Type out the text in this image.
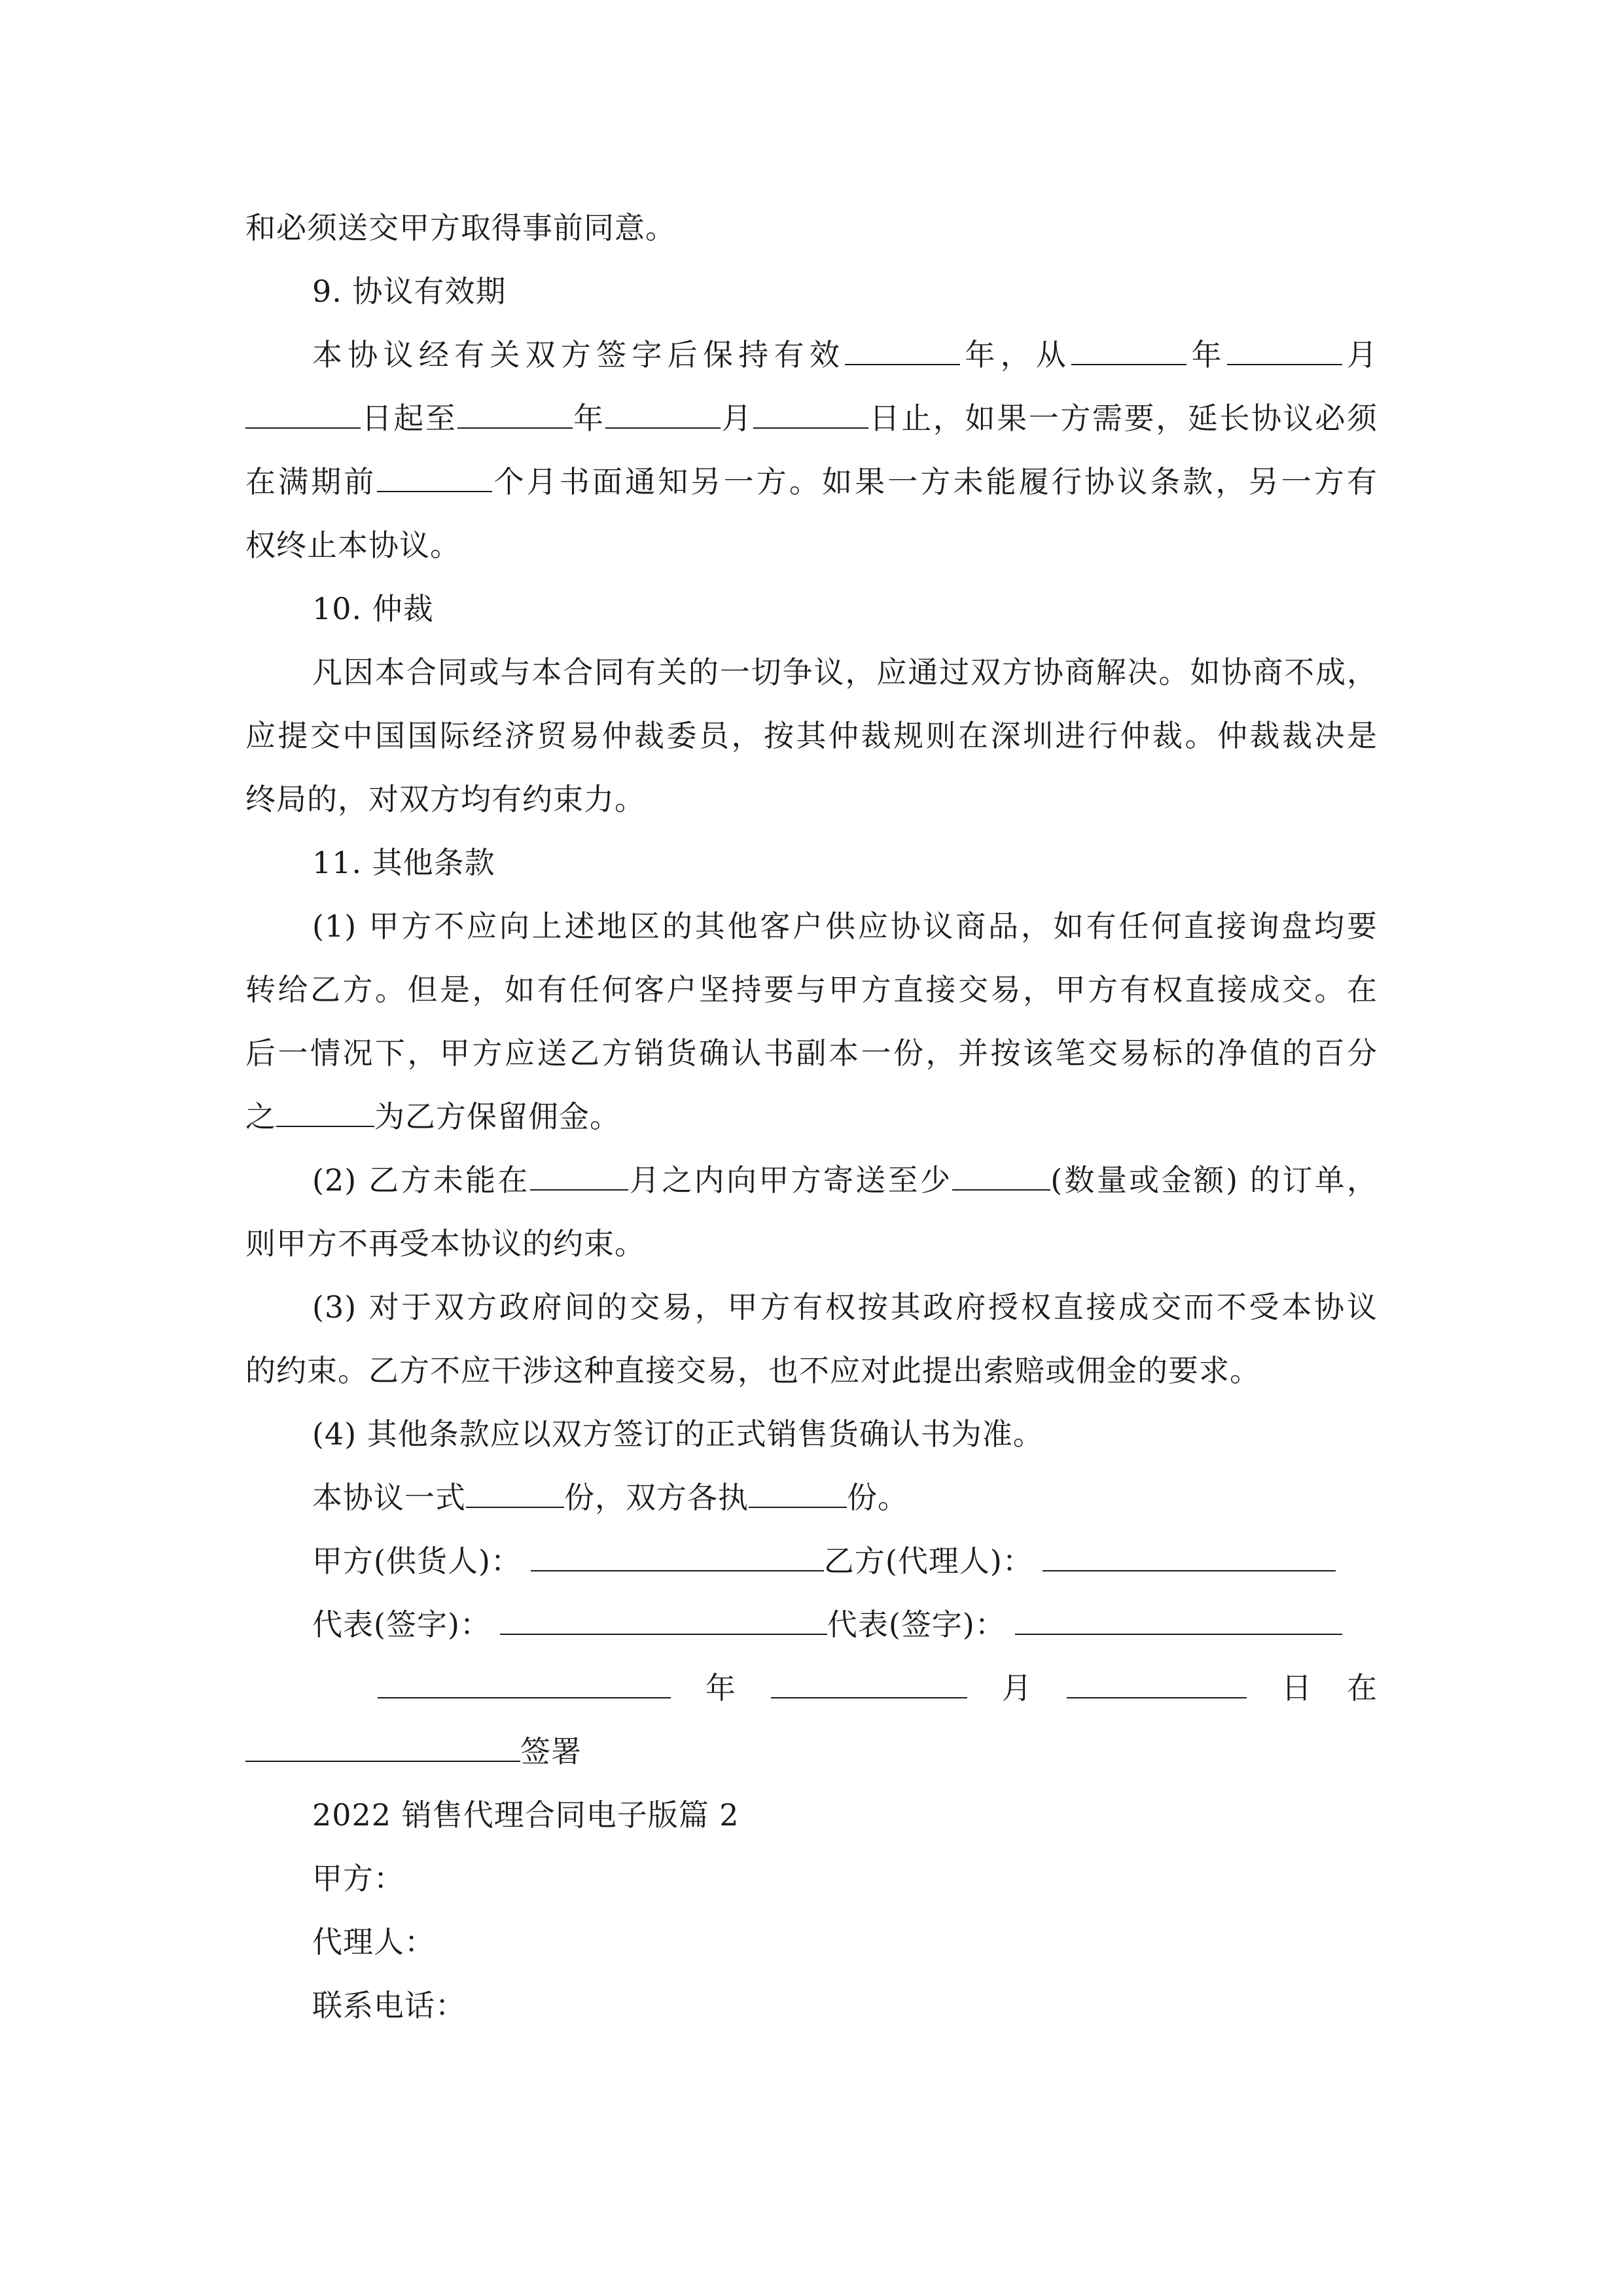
和必须送交甲方取得事前同意。

9. 协议有效期

本协议经有关双方签字后保持有效	年，从	年	月

日起至	年	月	日止，如果一方需要，延长协议必须

在满期前	个月书面通知另一方。如果一方未能履行协议条款，另一方有

权终止本协议。

10. 仲裁

凡因本合同或与本合同有关的一切争议，应通过双方协商解决。如协商不成，

应提交中国国际经济贸易仲裁委员，按其仲裁规则在深圳进行仲裁。仲裁裁决是

终局的，对双方均有约束力。

11. 其他条款

(1) 甲方不应向上述地区的其他客户供应协议商品，如有任何直接询盘均要

转给乙方。但是，如有任何客户坚持要与甲方直接交易，甲方有权直接成交。在

后一情况下，甲方应送乙方销货确认书副本一份，并按该笔交易标的净值的百分

之	为乙方保留佣金。

(2) 乙方未能在	月之内向甲方寄送至少	(数量或金额) 的订单，

则甲方不再受本协议的约束。

(3) 对于双方政府间的交易，甲方有权按其政府授权直接成交而不受本协议

的约束。乙方不应干涉这种直接交易，也不应对此提出索赔或佣金的要求。

(4) 其他条款应以双方签订的正式销售货确认书为准。

本协议一式	份，双方各执	份。

甲方(供货人)：	乙方(代理人)：

代表(签字)：	代表(签字)：

年	月	日 在

签署

2022 销售代理合同电子版篇 2

甲方：

代理人：

联系电话：
